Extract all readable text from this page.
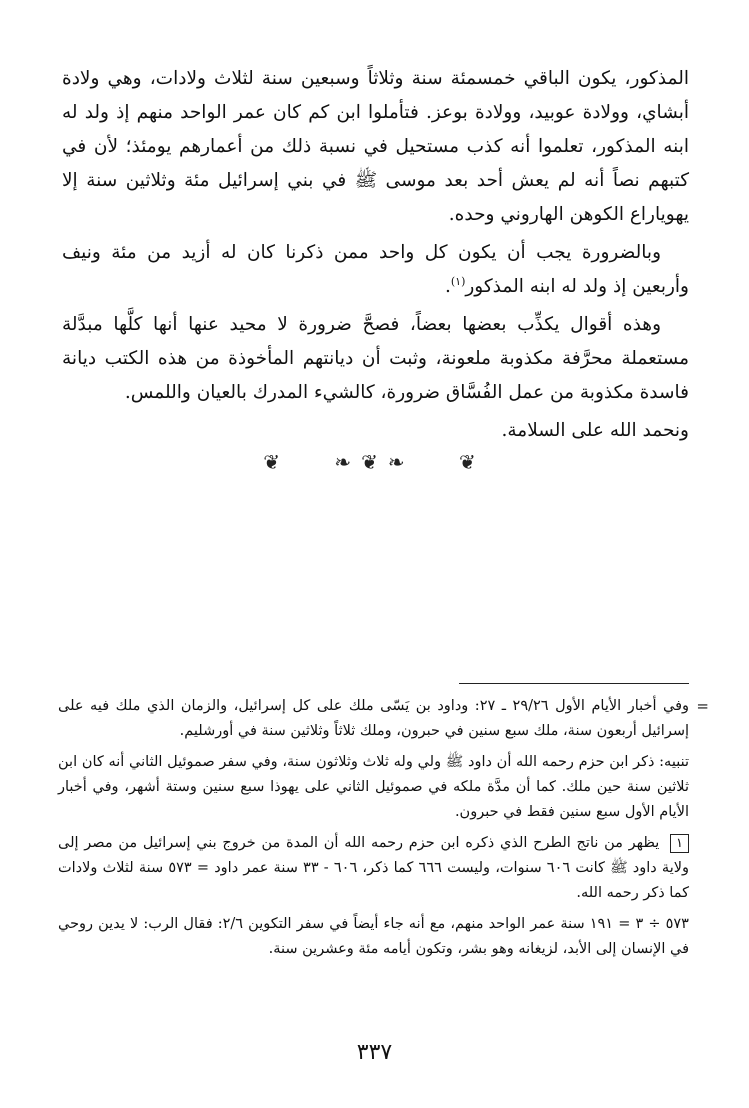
المذكور، يكون الباقي خمسمئة سنة وثلاثاً وسبعين سنة لثلاث ولادات، وهي ولادة أبشاي، وولادة عوبيد، وولادة بوعز. فتأملوا ابن كم كان عمر الواحد منهم إذ ولد له ابنه المذكور، تعلموا أنه كذب مستحيل في نسبة ذلك من أعمارهم يومئذ؛ لأن في كتبهم نصاً أنه لم يعش أحد بعد موسى ﷺ في بني إسرائيل مئة وثلاثين سنة إلا يهوياراع الكوهن الهاروني وحده.

وبالضرورة يجب أن يكون كل واحد ممن ذكرنا كان له أزيد من مئة ونيف وأربعين إذ ولد له ابنه المذكور$^{(١)}$.

وهذه أقوال يكذِّب بعضها بعضاً، فصحَّ ضرورة لا محيد عنها أنها كلَّها مبدَّلة مستعملة محرَّفة مكذوبة ملعونة، وثبت أن ديانتهم المأخوذة من هذه الكتب ديانة فاسدة مكذوبة من عمل الفُسَّاق ضرورة، كالشيء المدرك بالعيان واللمس.

ونحمد الله على السلامة.

❦ ❧❦❧ ❦

=
وفي أخبار الأيام الأول ٢٩/٢٦ ـ ٢٧: وداود بن يَسّى ملك على كل إسرائيل، والزمان الذي ملك فيه على إسرائيل أربعون سنة، ملك سبع سنين في حبرون، وملك ثلاثاً وثلاثين سنة في أورشليم.

تنبيه: ذكر ابن حزم رحمه الله أن داود ﷺ ولي وله ثلاث وثلاثون سنة، وفي سفر صموئيل الثاني أنه كان ابن ثلاثين سنة حين ملك. كما أن مدَّة ملكه في صموئيل الثاني على يهوذا سبع سنين وستة أشهر، وفي أخبار الأيام الأول سبع سنين فقط في حبرون.

١ يظهر من ناتج الطرح الذي ذكره ابن حزم رحمه الله أن المدة من خروج بني إسرائيل من مصر إلى ولاية داود ﷺ كانت ٦٠٦ سنوات، وليست ٦٦٦ كما ذكر، ٦٠٦ - ٣٣ سنة عمر داود = ٥٧٣ سنة لثلاث ولادات كما ذكر رحمه الله.

٥٧٣ ÷ ٣ = ١٩١ سنة عمر الواحد منهم، مع أنه جاء أيضاً في سفر التكوين ٢/٦: فقال الرب: لا يدين روحي في الإنسان إلى الأبد، لزيغانه وهو بشر، وتكون أيامه مئة وعشرين سنة.

٣٣٧
